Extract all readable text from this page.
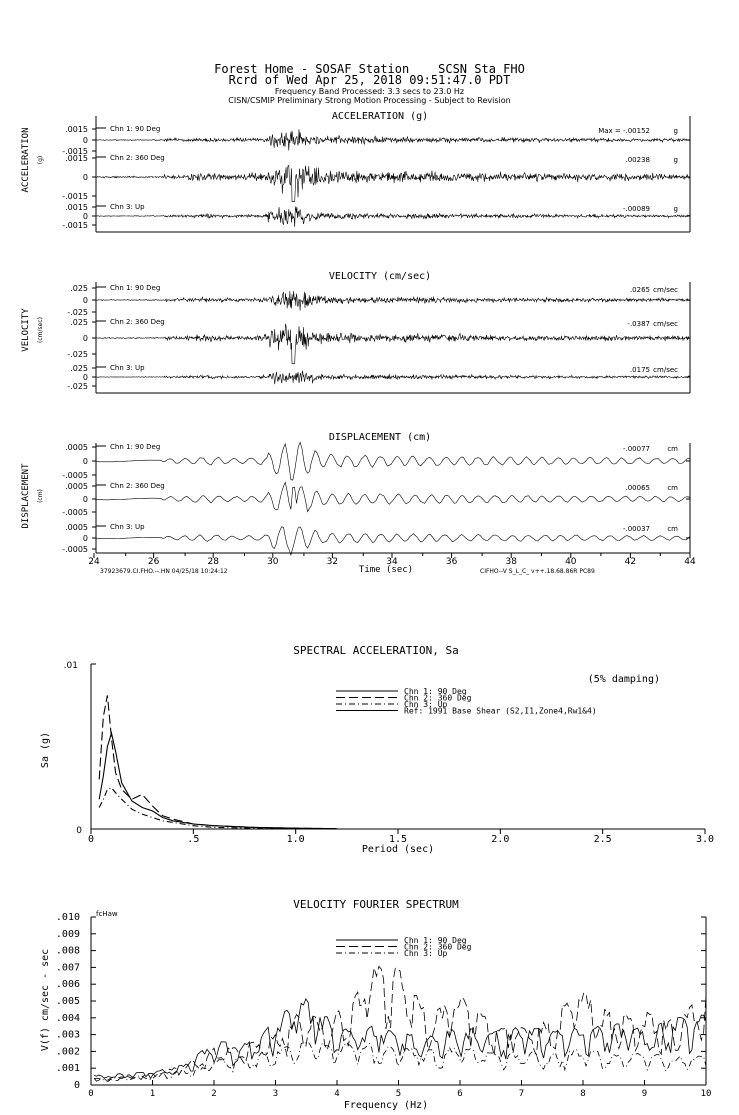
Forest Home - SOSAF Station    SCSN Sta FHO
Rcrd of Wed Apr 25, 2018 09:51:47.0 PDT
Frequency Band Processed: 3.3 secs to 23.0 Hz
CISN/CSMIP Preliminary Strong Motion Processing - Subject to Revision
ACCELERATION (g)
ACCELERATION (g)
.0015
0
-.0015
Chn 1: 90 Deg	Max = -.00152	g
.0015
0
-.0015
Chn 2: 360 Deg	.00238	g
.0015
0
-.0015
Chn 3: Up	-.00089	g
VELOCITY (cm/sec)
VELOCITY (cm/sec)
.025
0
-.025
Chn 1: 90 Deg	.0265 cm/sec
.025
0
-.025
Chn 2: 360 Deg	-.0387 cm/sec
.025
0
-.025
Chn 3: Up	.0175 cm/sec
DISPLACEMENT (cm)
DISPLACEMENT (cm)
.0005
0
-.0005
Chn 1: 90 Deg	-.00077 cm
.0005
0
-.0005
Chn 2: 360 Deg	.00065 cm
.0005
0
-.0005
Chn 3: Up	-.00037 cm
24	26	28	30	32	34	36	38	40	42	44
Time (sec)
37923679.CI.FHO.--.HN 04/25/18 10:24:12	CIFHO--V S_L_C_ v++.18.68.86R PC89
SPECTRAL ACCELERATION, Sa
Sa (g)
.01
0
0	.5	1.0	1.5	2.0	2.5	3.0
Period (sec)
(5% damping)
Chn 1: 90 Deg
Chn 2: 360 Deg
Chn 3: Up
Ref: 1991 Base Shear (S2,I1,Zone4,Rw1&4)
VELOCITY FOURIER SPECTRUM
V(f) cm/sec - sec
fcHaw
0
.001
.002
.003
.004
.005
.006
.007
.008
.009
.010
0	1	2	3	4	5	6	7	8	9	10
Frequency (Hz)
Chn 1: 90 Deg
Chn 2: 360 Deg
Chn 3: Up
